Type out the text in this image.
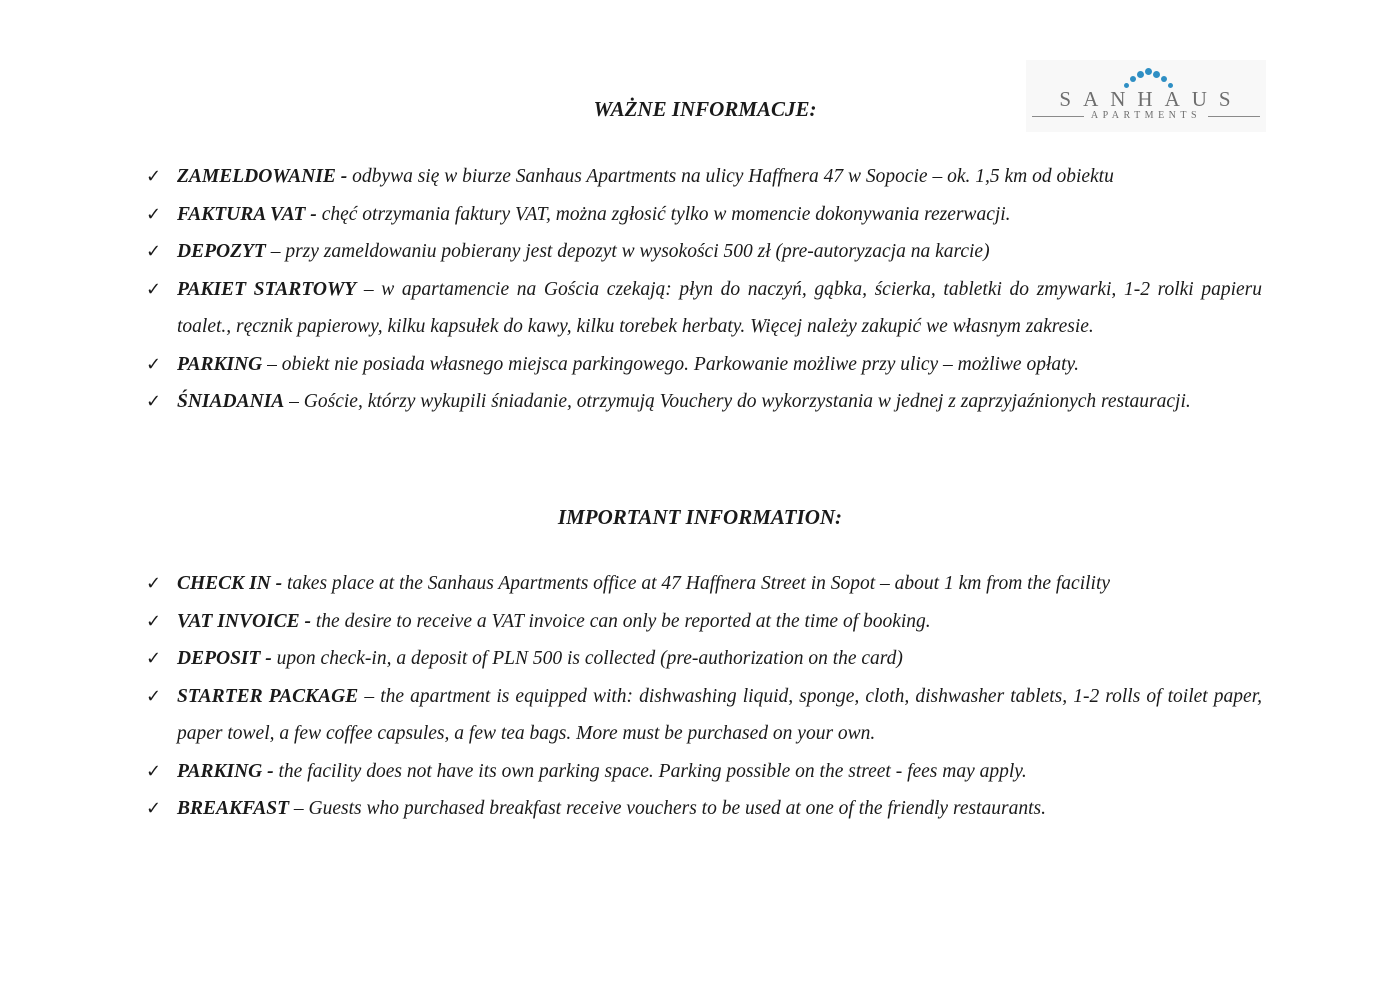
SANHAUS
APARTMENTS
WAŻNE INFORMACJE:
✓ ZAMELDOWANIE - odbywa się w biurze Sanhaus Apartments na ulicy Haffnera 47 w Sopocie – ok. 1,5 km od obiektu
✓ FAKTURA VAT - chęć otrzymania faktury VAT, można zgłosić tylko w momencie dokonywania rezerwacji.
✓ DEPOZYT – przy zameldowaniu pobierany jest depozyt w wysokości 500 zł (pre-autoryzacja na karcie)
✓ PAKIET STARTOWY – w apartamencie na Gościa czekają: płyn do naczyń, gąbka, ścierka, tabletki do zmywarki, 1-2 rolki papieru toalet., ręcznik papierowy, kilku kapsułek do kawy, kilku torebek herbaty. Więcej należy zakupić we własnym zakresie.
✓ PARKING – obiekt nie posiada własnego miejsca parkingowego. Parkowanie możliwe przy ulicy – możliwe opłaty.
✓ ŚNIADANIA – Goście, którzy wykupili śniadanie, otrzymują Vouchery do wykorzystania w jednej z zaprzyjaźnionych restauracji.
IMPORTANT INFORMATION:
✓ CHECK IN - takes place at the Sanhaus Apartments office at 47 Haffnera Street in Sopot – about 1 km from the facility
✓ VAT INVOICE - the desire to receive a VAT invoice can only be reported at the time of booking.
✓ DEPOSIT - upon check-in, a deposit of PLN 500 is collected (pre-authorization on the card)
✓ STARTER PACKAGE – the apartment is equipped with: dishwashing liquid, sponge, cloth, dishwasher tablets, 1-2 rolls of toilet paper, paper towel, a few coffee capsules, a few tea bags. More must be purchased on your own.
✓ PARKING - the facility does not have its own parking space. Parking possible on the street - fees may apply.
✓ BREAKFAST – Guests who purchased breakfast receive vouchers to be used at one of the friendly restaurants.
